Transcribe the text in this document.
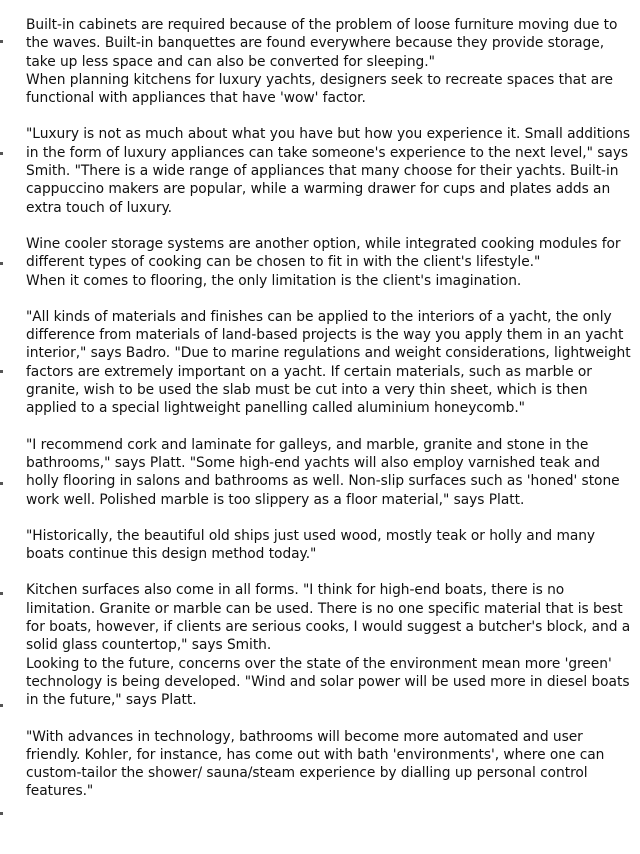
Built-in cabinets are required because of the problem of loose furniture moving due to the waves. Built-in banquettes are found everywhere because they provide storage, take up less space and can also be converted for sleeping."

When planning kitchens for luxury yachts, designers seek to recreate spaces that are functional with appliances that have 'wow' factor.

"Luxury is not as much about what you have but how you experience it. Small additions in the form of luxury appliances can take someone's experience to the next level," says Smith. "There is a wide range of appliances that many choose for their yachts. Built-in cappuccino makers are popular, while a warming drawer for cups and plates adds an extra touch of luxury.

Wine cooler storage systems are another option, while integrated cooking modules for different types of cooking can be chosen to fit in with the client's lifestyle."

When it comes to flooring, the only limitation is the client's imagination.

"All kinds of materials and finishes can be applied to the interiors of a yacht, the only difference from materials of land-based projects is the way you apply them in an yacht interior," says Badro. "Due to marine regulations and weight considerations, lightweight factors are extremely important on a yacht. If certain materials, such as marble or granite, wish to be used the slab must be cut into a very thin sheet, which is then applied to a special lightweight panelling called aluminium honeycomb."

"I recommend cork and laminate for galleys, and marble, granite and stone in the bathrooms," says Platt. "Some high-end yachts will also employ varnished teak and holly flooring in salons and bathrooms as well. Non-slip surfaces such as 'honed' stone work well. Polished marble is too slippery as a floor material," says Platt.

"Historically, the beautiful old ships just used wood, mostly teak or holly and many boats continue this design method today."

Kitchen surfaces also come in all forms. "I think for high-end boats, there is no limitation. Granite or marble can be used. There is no one specific material that is best for boats, however, if clients are serious cooks, I would suggest a butcher's block, and a solid glass countertop," says Smith.

Looking to the future, concerns over the state of the environment mean more 'green' technology is being developed. "Wind and solar power will be used more in diesel boats in the future," says Platt.

"With advances in technology, bathrooms will become more automated and user friendly. Kohler, for instance, has come out with bath 'environments', where one can custom-tailor the shower/ sauna/steam experience by dialling up personal control features."
